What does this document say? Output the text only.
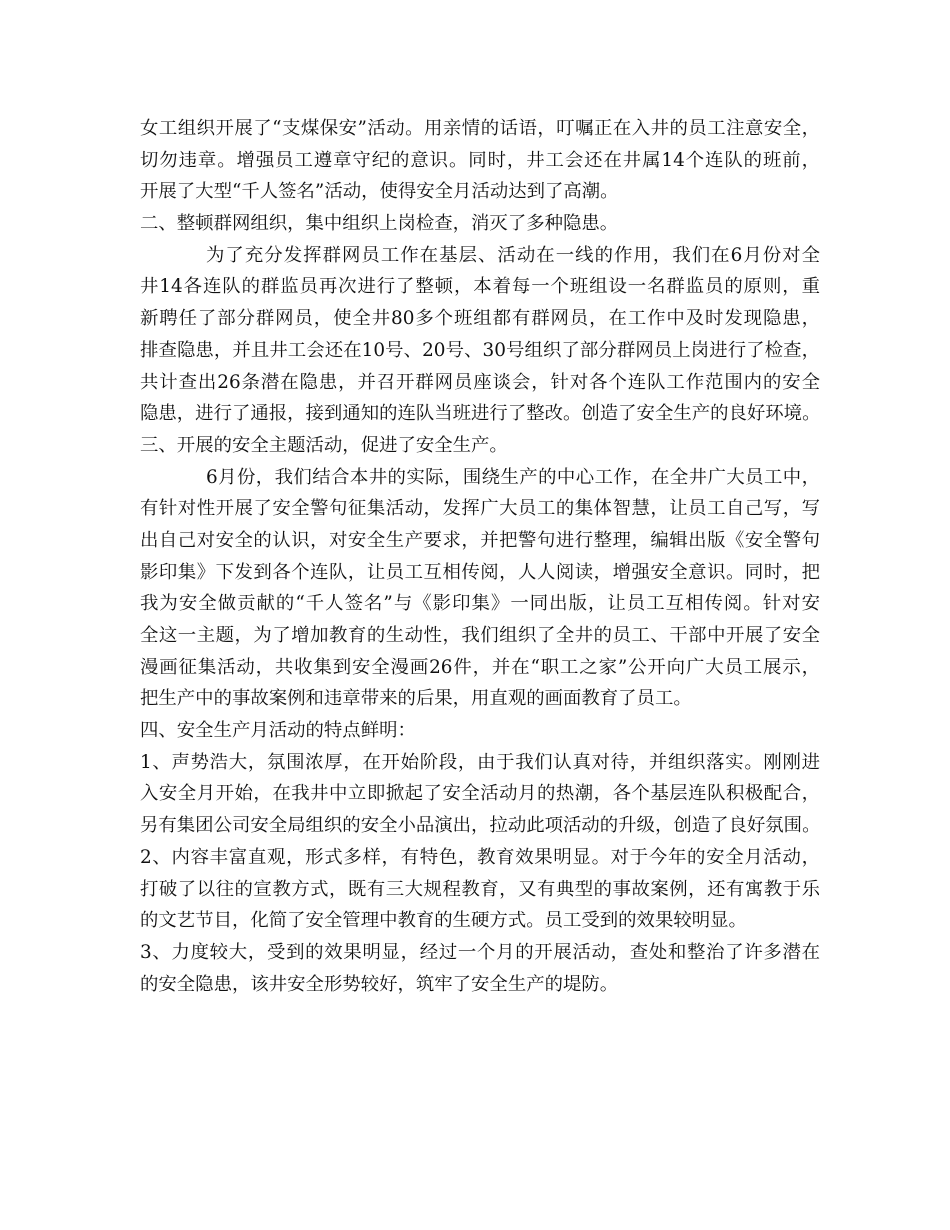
女工组织开展了“支煤保安”活动。用亲情的话语，叮嘱正在入井的员工注意安全，
切勿违章。增强员工遵章守纪的意识。同时，井工会还在井属14个连队的班前，
开展了大型“千人签名”活动，使得安全月活动达到了高潮。
二、整顿群网组织，集中组织上岗检查，消灭了多种隐患。
为了充分发挥群网员工作在基层、活动在一线的作用，我们在6月份对全
井14各连队的群监员再次进行了整顿，本着每一个班组设一名群监员的原则，重
新聘任了部分群网员，使全井80多个班组都有群网员，在工作中及时发现隐患，
排查隐患，并且井工会还在10号、20号、30号组织了部分群网员上岗进行了检查，
共计查出26条潜在隐患，并召开群网员座谈会，针对各个连队工作范围内的安全
隐患，进行了通报，接到通知的连队当班进行了整改。创造了安全生产的良好环境。
三、开展的安全主题活动，促进了安全生产。
6月份，我们结合本井的实际，围绕生产的中心工作，在全井广大员工中，
有针对性开展了安全警句征集活动，发挥广大员工的集体智慧，让员工自己写，写
出自己对安全的认识，对安全生产要求，并把警句进行整理，编辑出版《安全警句
影印集》下发到各个连队，让员工互相传阅，人人阅读，增强安全意识。同时，把
我为安全做贡献的“千人签名”与《影印集》一同出版，让员工互相传阅。针对安
全这一主题，为了增加教育的生动性，我们组织了全井的员工、干部中开展了安全
漫画征集活动，共收集到安全漫画26件，并在“职工之家”公开向广大员工展示，
把生产中的事故案例和违章带来的后果，用直观的画面教育了员工。
四、安全生产月活动的特点鲜明：
1、声势浩大，氛围浓厚，在开始阶段，由于我们认真对待，并组织落实。刚刚进
入安全月开始，在我井中立即掀起了安全活动月的热潮，各个基层连队积极配合，
另有集团公司安全局组织的安全小品演出，拉动此项活动的升级，创造了良好氛围。
2、内容丰富直观，形式多样，有特色，教育效果明显。对于今年的安全月活动，
打破了以往的宣教方式，既有三大规程教育，又有典型的事故案例，还有寓教于乐
的文艺节目，化简了安全管理中教育的生硬方式。员工受到的效果较明显。
3、力度较大，受到的效果明显，经过一个月的开展活动，查处和整治了许多潜在
的安全隐患，该井安全形势较好，筑牢了安全生产的堤防。
